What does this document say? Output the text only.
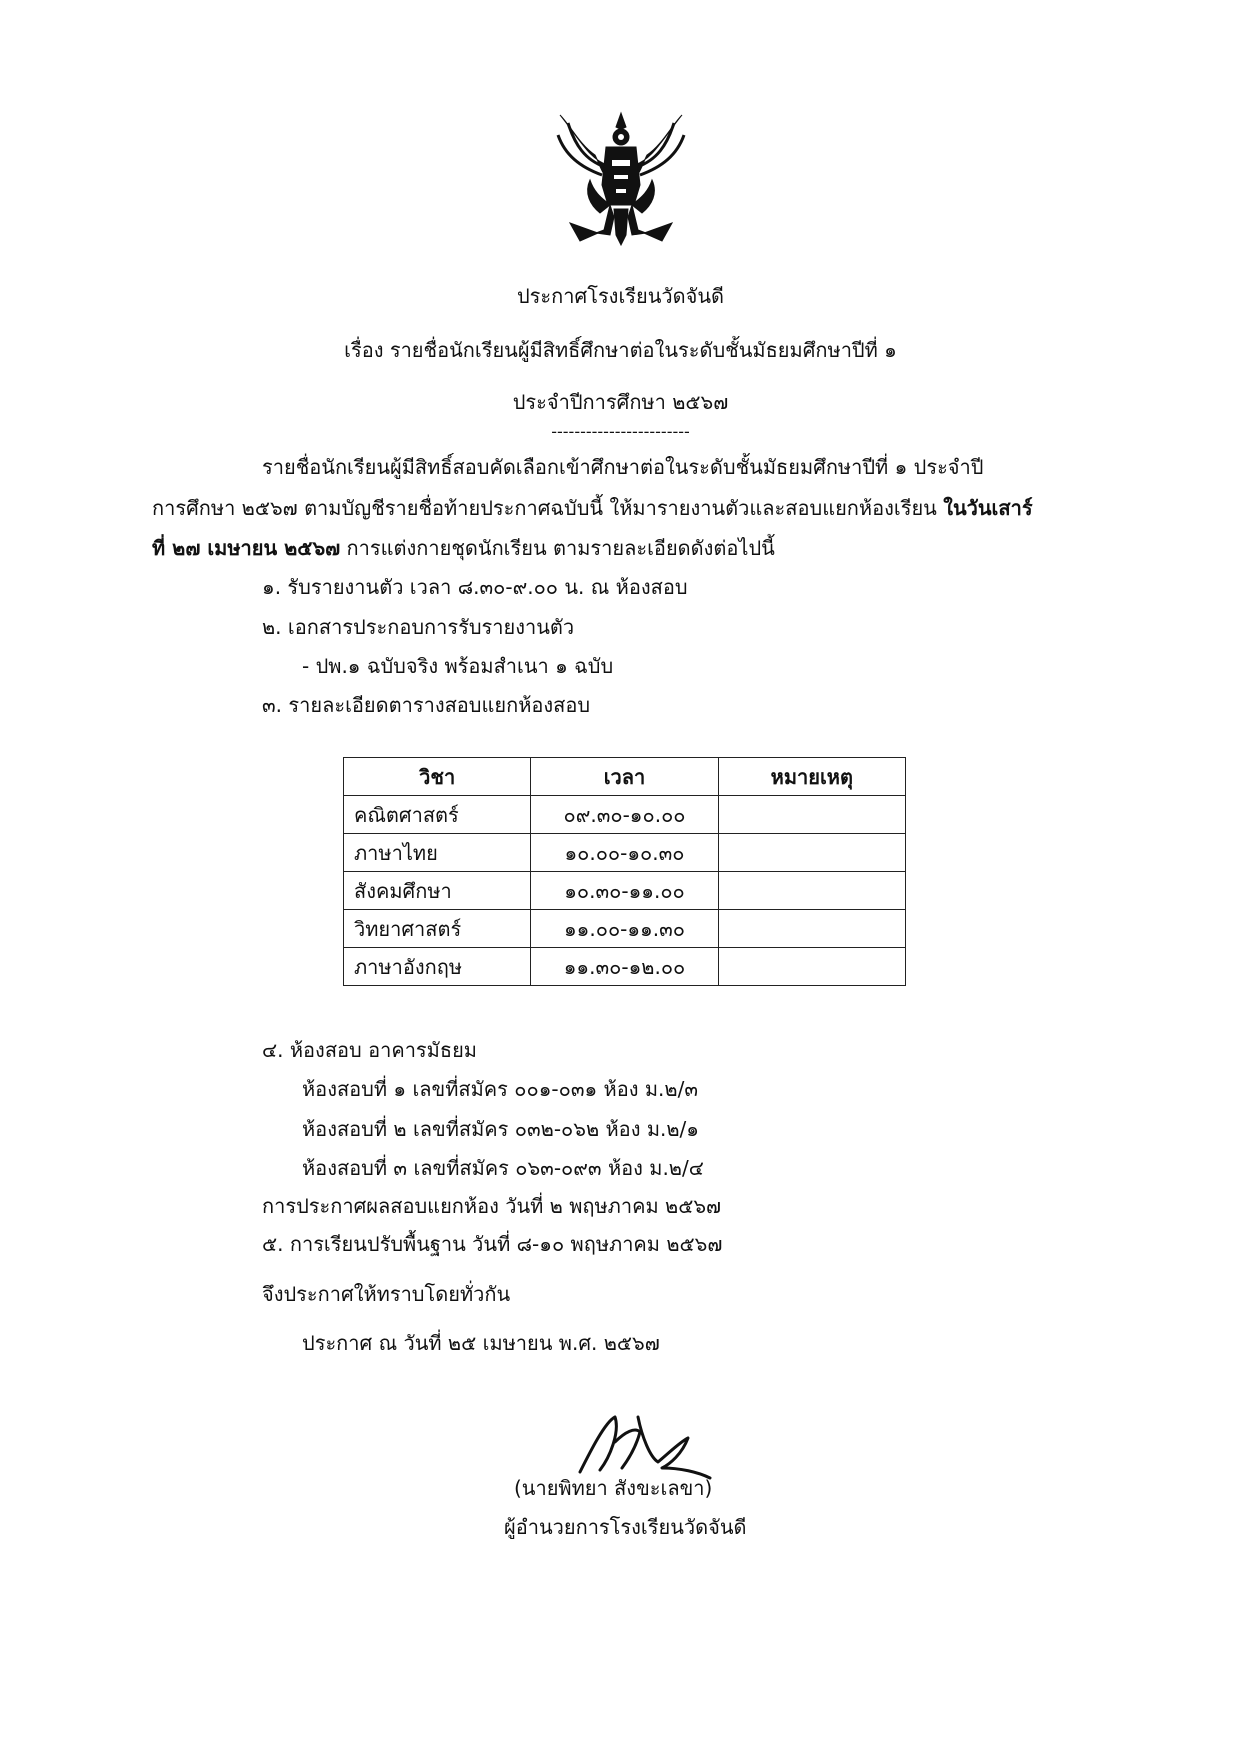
ประกาศโรงเรียนวัดจันดี
เรื่อง รายชื่อนักเรียนผู้มีสิทธิ์ศึกษาต่อในระดับชั้นมัธยมศึกษาปีที่ ๑
ประจำปีการศึกษา ๒๕๖๗
------------------------
รายชื่อนักเรียนผู้มีสิทธิ์สอบคัดเลือกเข้าศึกษาต่อในระดับชั้นมัธยมศึกษาปีที่ ๑ ประจำปี
การศึกษา ๒๕๖๗ ตามบัญชีรายชื่อท้ายประกาศฉบับนี้ ให้มารายงานตัวและสอบแยกห้องเรียน ในวันเสาร์
ที่ ๒๗ เมษายน ๒๕๖๗ การแต่งกายชุดนักเรียน ตามรายละเอียดดังต่อไปนี้
๑. รับรายงานตัว เวลา ๘.๓๐-๙.๐๐ น. ณ ห้องสอบ
๒. เอกสารประกอบการรับรายงานตัว
- ปพ.๑ ฉบับจริง พร้อมสำเนา ๑ ฉบับ
๓. รายละเอียดตารางสอบแยกห้องสอบ
วิชา	เวลา	หมายเหตุ
คณิตศาสตร์	๐๙.๓๐-๑๐.๐๐	
ภาษาไทย	๑๐.๐๐-๑๐.๓๐	
สังคมศึกษา	๑๐.๓๐-๑๑.๐๐	
วิทยาศาสตร์	๑๑.๐๐-๑๑.๓๐	
ภาษาอังกฤษ	๑๑.๓๐-๑๒.๐๐	
๔. ห้องสอบ อาคารมัธยม
ห้องสอบที่ ๑ เลขที่สมัคร ๐๐๑-๐๓๑ ห้อง ม.๒/๓
ห้องสอบที่ ๒ เลขที่สมัคร ๐๓๒-๐๖๒ ห้อง ม.๒/๑
ห้องสอบที่ ๓ เลขที่สมัคร ๐๖๓-๐๙๓ ห้อง ม.๒/๔
การประกาศผลสอบแยกห้อง วันที่ ๒ พฤษภาคม ๒๕๖๗
๕. การเรียนปรับพื้นฐาน วันที่ ๘-๑๐ พฤษภาคม ๒๕๖๗
จึงประกาศให้ทราบโดยทั่วกัน
ประกาศ ณ วันที่ ๒๕ เมษายน พ.ศ. ๒๕๖๗
(นายพิทยา สังขะเลขา)
ผู้อำนวยการโรงเรียนวัดจันดี
